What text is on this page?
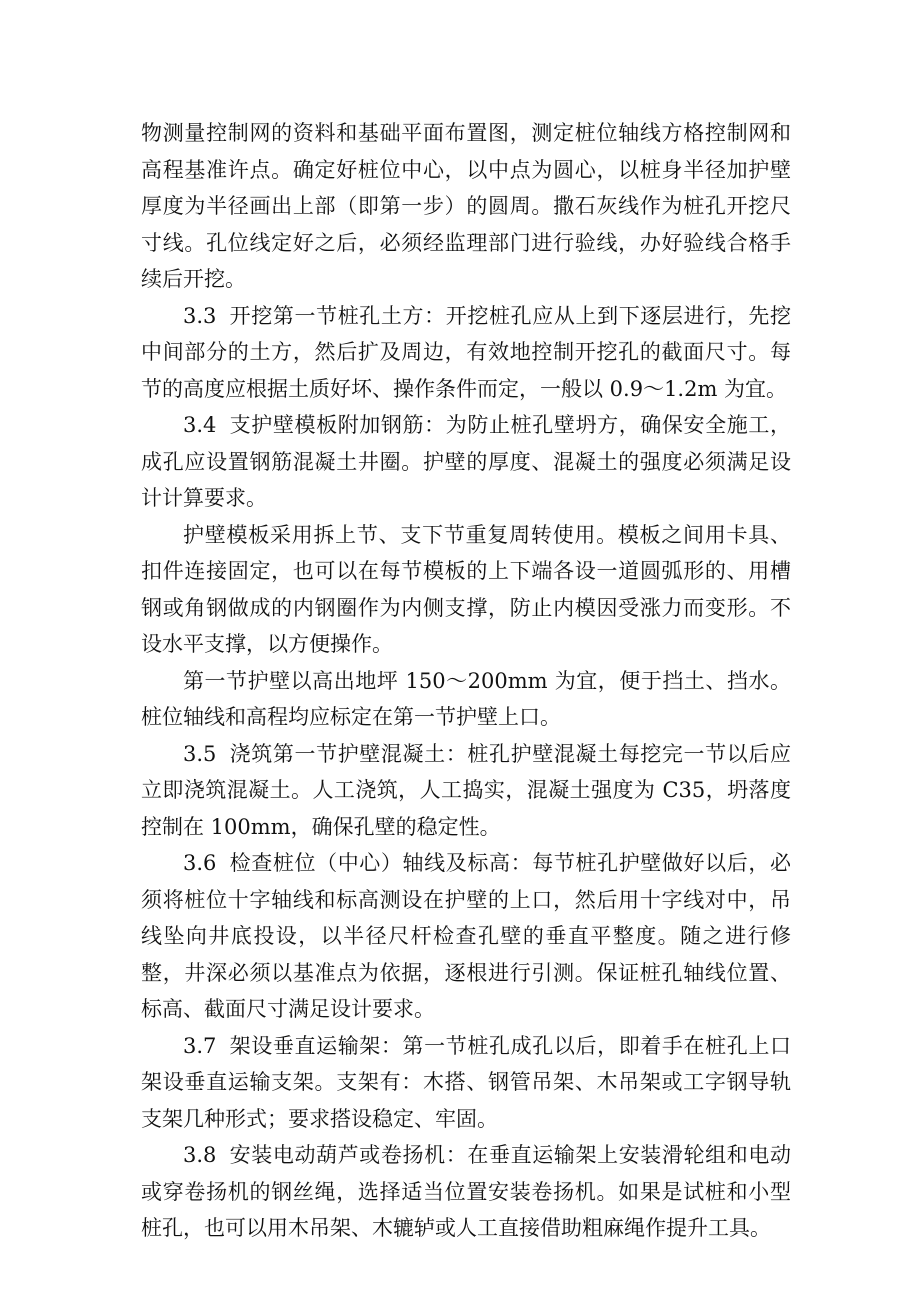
物测量控制网的资料和基础平面布置图，测定桩位轴线方格控制网和高程基准许点。确定好桩位中心，以中点为圆心，以桩身半径加护壁厚度为半径画出上部（即第一步）的圆周。撒石灰线作为桩孔开挖尺寸线。孔位线定好之后，必须经监理部门进行验线，办好验线合格手续后开挖。

3.3 开挖第一节桩孔土方：开挖桩孔应从上到下逐层进行，先挖中间部分的土方，然后扩及周边，有效地控制开挖孔的截面尺寸。每节的高度应根据土质好坏、操作条件而定，一般以 0.9～1.2m 为宜。

3.4 支护壁模板附加钢筋：为防止桩孔壁坍方，确保安全施工，成孔应设置钢筋混凝土井圈。护壁的厚度、混凝土的强度必须满足设计计算要求。

护壁模板采用拆上节、支下节重复周转使用。模板之间用卡具、扣件连接固定，也可以在每节模板的上下端各设一道圆弧形的、用槽钢或角钢做成的内钢圈作为内侧支撑，防止内模因受涨力而变形。不设水平支撑，以方便操作。

第一节护壁以高出地坪 150～200mm 为宜，便于挡土、挡水。桩位轴线和高程均应标定在第一节护壁上口。

3.5 浇筑第一节护壁混凝土：桩孔护壁混凝土每挖完一节以后应立即浇筑混凝土。人工浇筑，人工捣实，混凝土强度为 C35，坍落度控制在 100mm，确保孔壁的稳定性。

3.6 检查桩位（中心）轴线及标高：每节桩孔护壁做好以后，必须将桩位十字轴线和标高测设在护壁的上口，然后用十字线对中，吊线坠向井底投设，以半径尺杆检查孔壁的垂直平整度。随之进行修整，井深必须以基准点为依据，逐根进行引测。保证桩孔轴线位置、标高、截面尺寸满足设计要求。

3.7 架设垂直运输架：第一节桩孔成孔以后，即着手在桩孔上口架设垂直运输支架。支架有：木搭、钢管吊架、木吊架或工字钢导轨支架几种形式；要求搭设稳定、牢固。

3.8 安装电动葫芦或卷扬机：在垂直运输架上安装滑轮组和电动或穿卷扬机的钢丝绳，选择适当位置安装卷扬机。如果是试桩和小型桩孔，也可以用木吊架、木辘轳或人工直接借助粗麻绳作提升工具。
